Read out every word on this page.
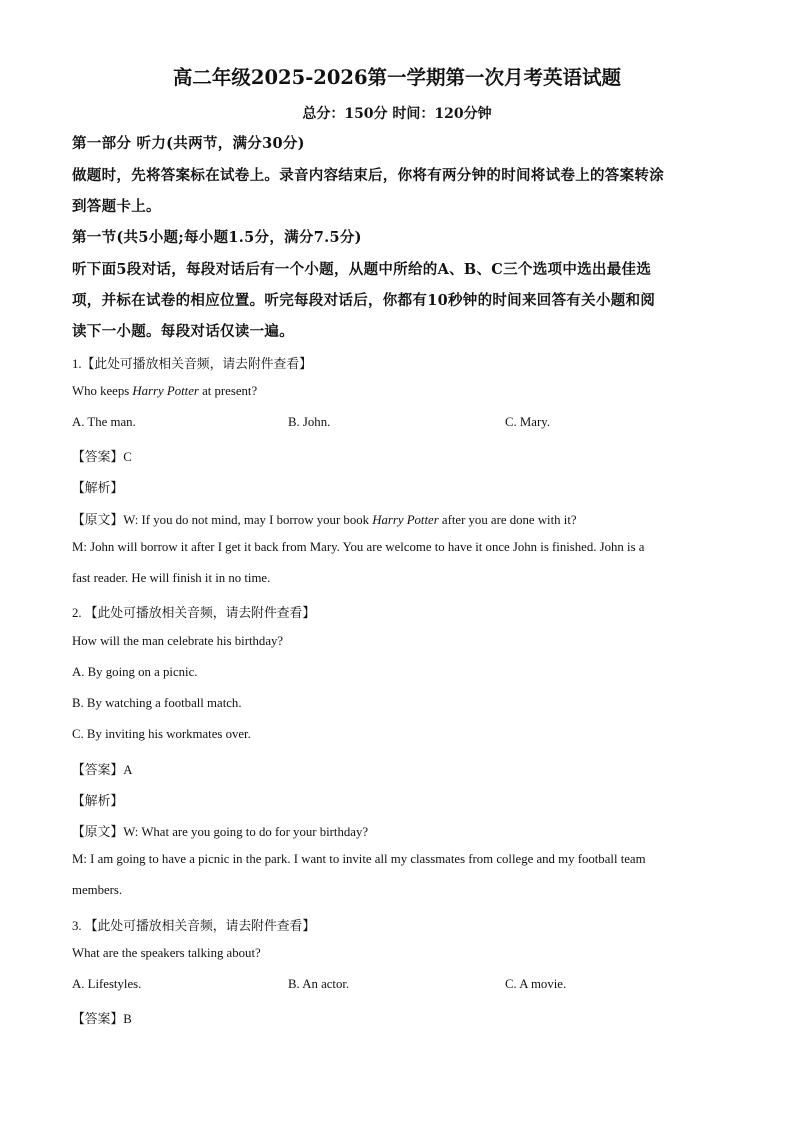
高二年级2025-2026第一学期第一次月考英语试题
总分：150分 时间：120分钟
第一部分 听力(共两节，满分30分)
做题时，先将答案标在试卷上。录音内容结束后，你将有两分钟的时间将试卷上的答案转涂
到答题卡上。
第一节(共5小题;每小题1.5分，满分7.5分)
听下面5段对话，每段对话后有一个小题，从题中所给的A、B、C三个选项中选出最佳选
项，并标在试卷的相应位置。听完每段对话后，你都有10秒钟的时间来回答有关小题和阅
读下一小题。每段对话仅读一遍。
1.【此处可播放相关音频，请去附件查看】
Who keeps Harry Potter at present?
A. The man.	B. John.	C. Mary.
【答案】C
【解析】
【原文】W: If you do not mind, may I borrow your book Harry Potter after you are done with it?
M: John will borrow it after I get it back from Mary. You are welcome to have it once John is finished. John is a
fast reader. He will finish it in no time.
2. 【此处可播放相关音频，请去附件查看】
How will the man celebrate his birthday?
A. By going on a picnic.
B. By watching a football match.
C. By inviting his workmates over.
【答案】A
【解析】
【原文】W: What are you going to do for your birthday?
M: I am going to have a picnic in the park. I want to invite all my classmates from college and my football team
members.
3. 【此处可播放相关音频，请去附件查看】
What are the speakers talking about?
A. Lifestyles.	B. An actor.	C. A movie.
【答案】B
